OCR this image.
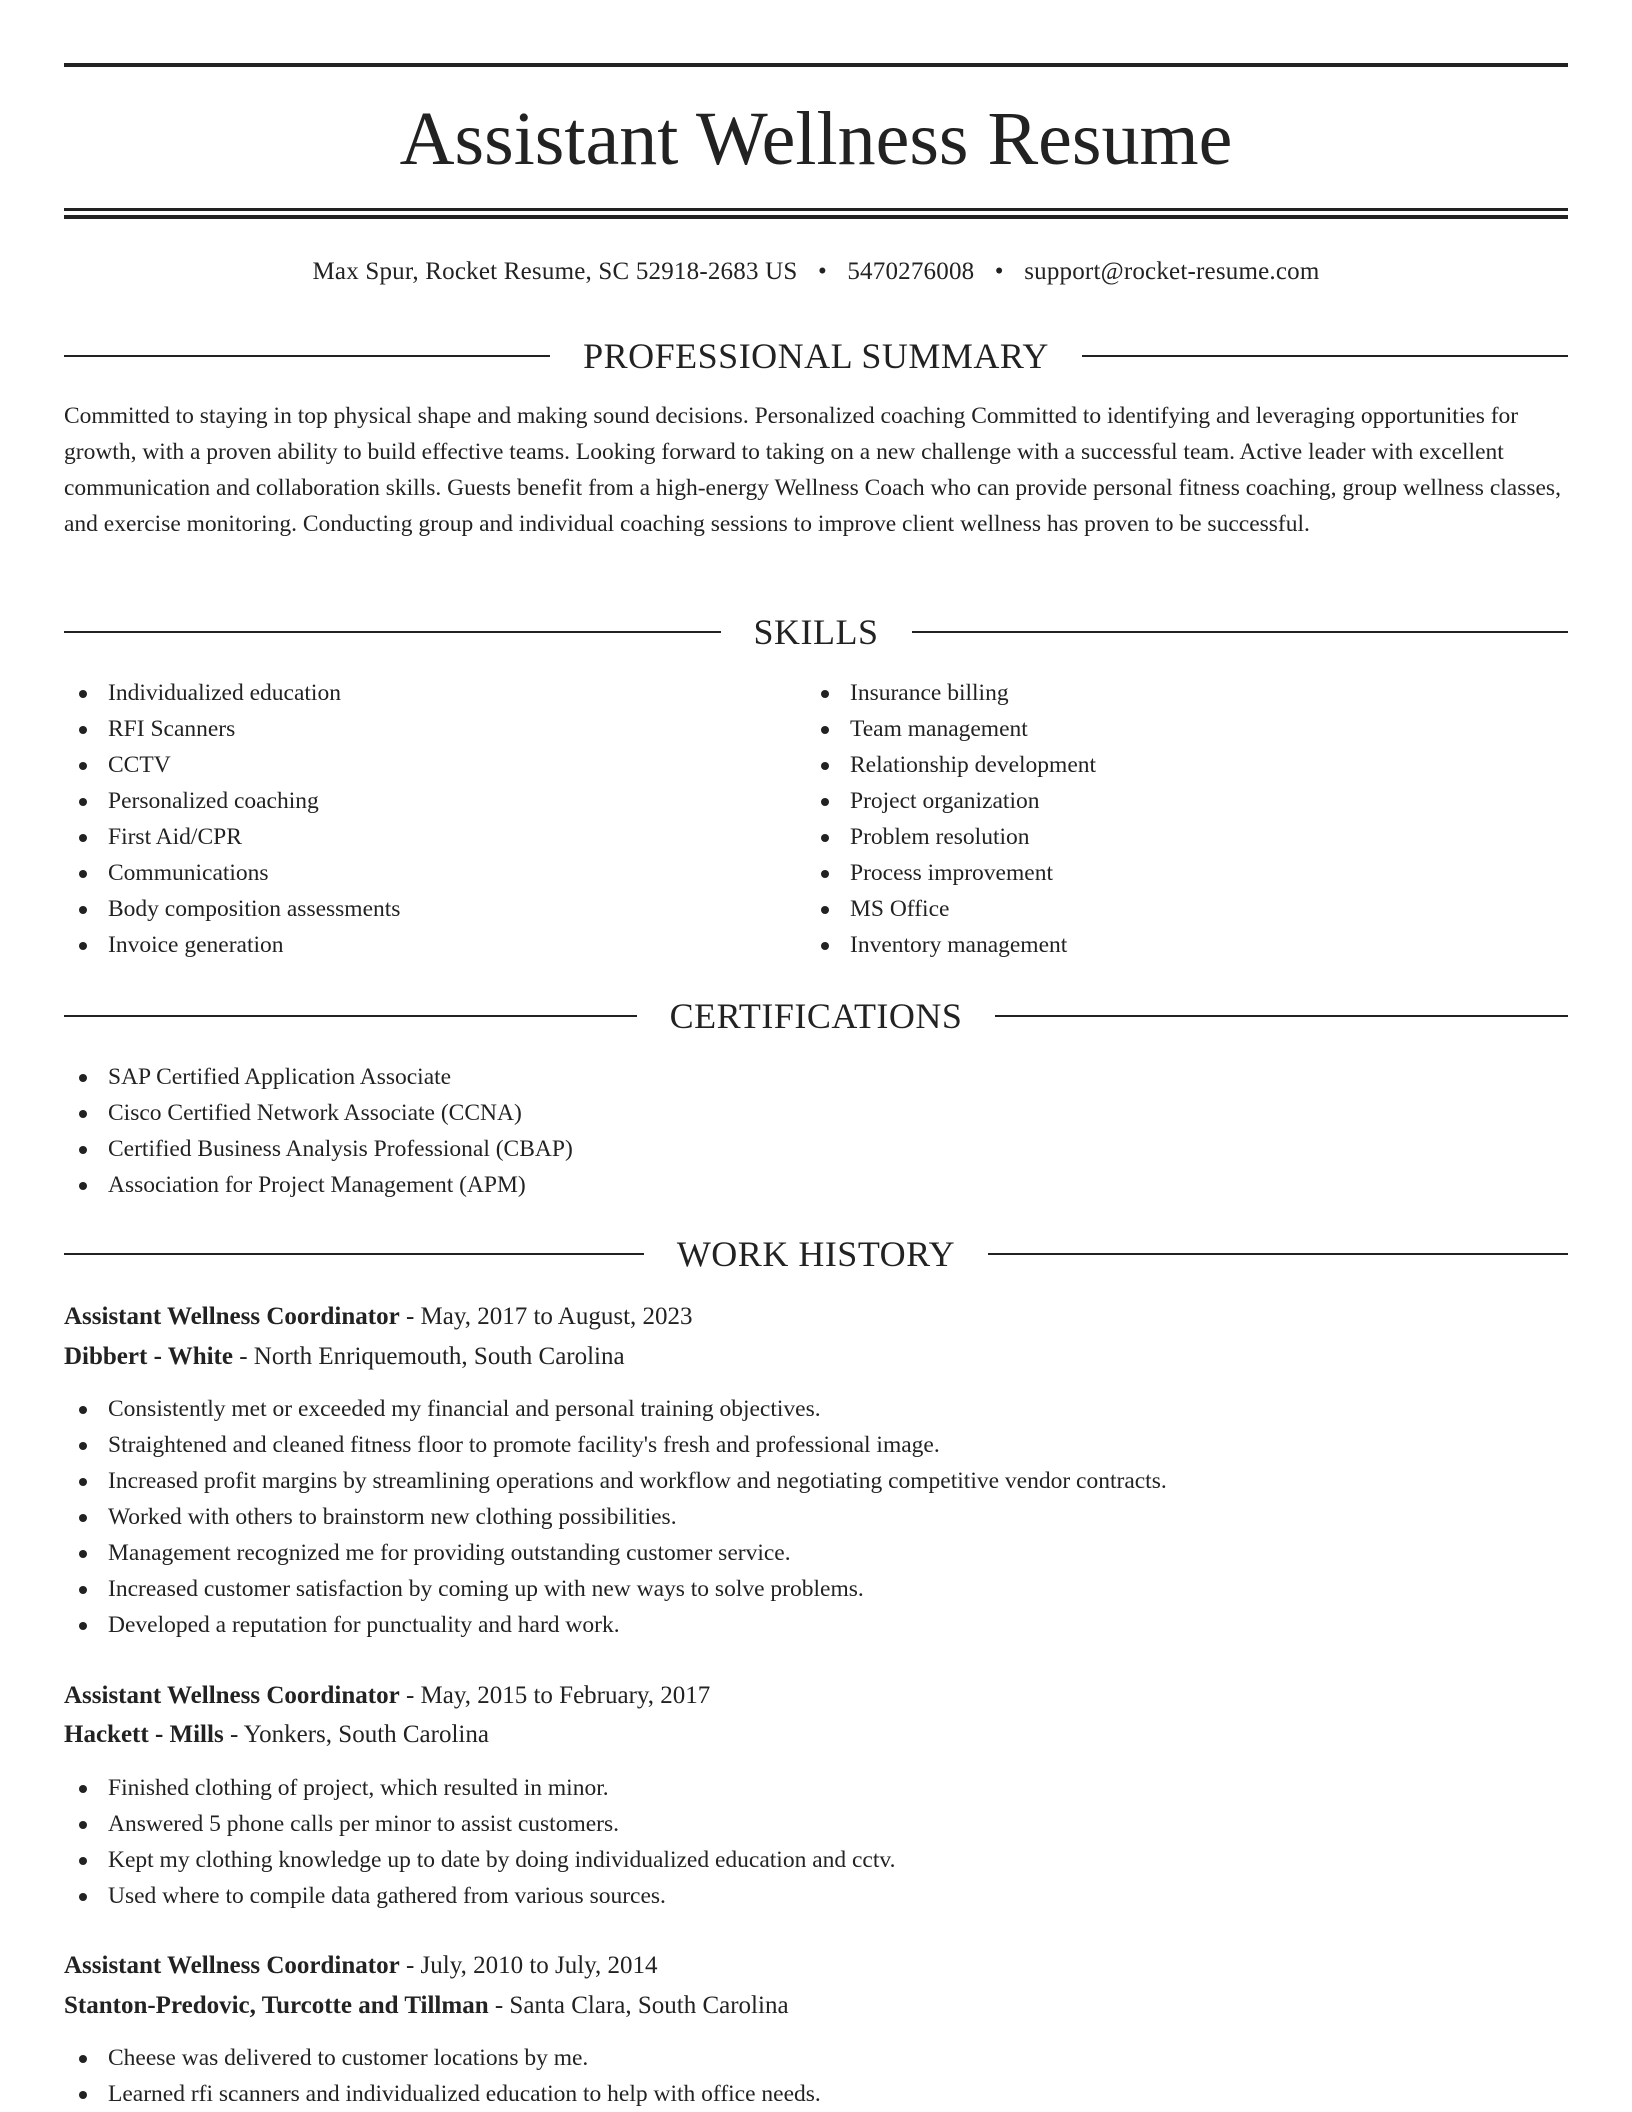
Assistant Wellness Resume
Max Spur, Rocket Resume, SC 52918-2683 US • 5470276008 • support@rocket-resume.com
PROFESSIONAL SUMMARY

Committed to staying in top physical shape and making sound decisions. Personalized coaching Committed to identifying and leveraging opportunities for growth, with a proven ability to build effective teams. Looking forward to taking on a new challenge with a successful team. Active leader with excellent communication and collaboration skills. Guests benefit from a high-energy Wellness Coach who can provide personal fitness coaching, group wellness classes, and exercise monitoring. Conducting group and individual coaching sessions to improve client wellness has proven to be successful.

SKILLS
Individualized education
RFI Scanners
CCTV
Personalized coaching
First Aid/CPR
Communications
Body composition assessments
Invoice generation
Insurance billing
Team management
Relationship development
Project organization
Problem resolution
Process improvement
MS Office
Inventory management
CERTIFICATIONS
SAP Certified Application Associate
Cisco Certified Network Associate (CCNA)
Certified Business Analysis Professional (CBAP)
Association for Project Management (APM)
WORK HISTORY
Assistant Wellness Coordinator - May, 2017 to August, 2023
Dibbert - White - North Enriquemouth, South Carolina
Consistently met or exceeded my financial and personal training objectives.
Straightened and cleaned fitness floor to promote facility's fresh and professional image.
Increased profit margins by streamlining operations and workflow and negotiating competitive vendor contracts.
Worked with others to brainstorm new clothing possibilities.
Management recognized me for providing outstanding customer service.
Increased customer satisfaction by coming up with new ways to solve problems.
Developed a reputation for punctuality and hard work.
Assistant Wellness Coordinator - May, 2015 to February, 2017
Hackett - Mills - Yonkers, South Carolina
Finished clothing of project, which resulted in minor.
Answered 5 phone calls per minor to assist customers.
Kept my clothing knowledge up to date by doing individualized education and cctv.
Used where to compile data gathered from various sources.
Assistant Wellness Coordinator - July, 2010 to July, 2014
Stanton-Predovic, Turcotte and Tillman - Santa Clara, South Carolina
Cheese was delivered to customer locations by me.
Learned rfi scanners and individualized education to help with office needs.
